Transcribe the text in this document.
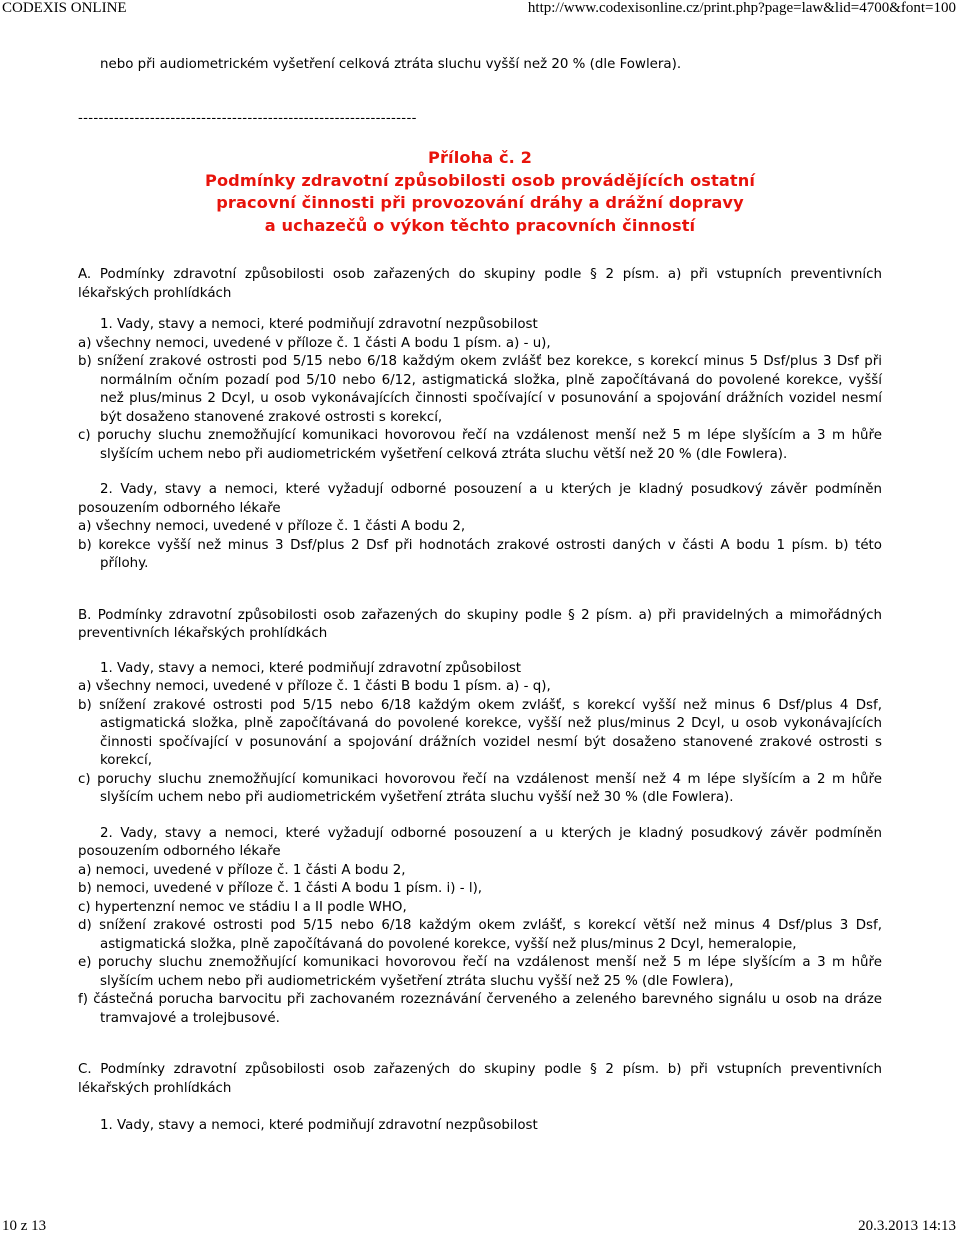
CODEXIS ONLINE	http://www.codexisonline.cz/print.php?page=law&lid=4700&font=100
nebo při audiometrickém vyšetření celková ztráta sluchu vyšší než 20 % (dle Fowlera).
------------------------------------------------------------------
Příloha č. 2
Podmínky zdravotní způsobilosti osob provádějících ostatní
pracovní činnosti při provozování dráhy a drážní dopravy
a uchazečů o výkon těchto pracovních činností
A. Podmínky zdravotní způsobilosti osob zařazených do skupiny podle § 2 písm. a) při vstupních preventivních lékařských prohlídkách
1. Vady, stavy a nemoci, které podmiňují zdravotní nezpůsobilost
a) všechny nemoci, uvedené v příloze č. 1 části A bodu 1 písm. a) - u),
b) snížení zrakové ostrosti pod 5/15 nebo 6/18 každým okem zvlášť bez korekce, s korekcí minus 5 Dsf/plus 3 Dsf při normálním očním pozadí pod 5/10 nebo 6/12, astigmatická složka, plně započítávaná do povolené korekce, vyšší než plus/minus 2 Dcyl, u osob vykonávajících činnosti spočívající v posunování a spojování drážních vozidel nesmí být dosaženo stanovené zrakové ostrosti s korekcí,
c) poruchy sluchu znemožňující komunikaci hovorovou řečí na vzdálenost menší než 5 m lépe slyšícím a 3 m hůře slyšícím uchem nebo při audiometrickém vyšetření celková ztráta sluchu větší než 20 % (dle Fowlera).
2. Vady, stavy a nemoci, které vyžadují odborné posouzení a u kterých je kladný posudkový závěr podmíněn posouzením odborného lékaře
a) všechny nemoci, uvedené v příloze č. 1 části A bodu 2,
b) korekce vyšší než minus 3 Dsf/plus 2 Dsf při hodnotách zrakové ostrosti daných v části A bodu 1 písm. b) této přílohy.
B. Podmínky zdravotní způsobilosti osob zařazených do skupiny podle § 2 písm. a) při pravidelných a mimořádných preventivních lékařských prohlídkách
1. Vady, stavy a nemoci, které podmiňují zdravotní způsobilost
a) všechny nemoci, uvedené v příloze č. 1 části B bodu 1 písm. a) - q),
b) snížení zrakové ostrosti pod 5/15 nebo 6/18 každým okem zvlášť, s korekcí vyšší než minus 6 Dsf/plus 4 Dsf, astigmatická složka, plně započítávaná do povolené korekce, vyšší než plus/minus 2 Dcyl, u osob vykonávajících činnosti spočívající v posunování a spojování drážních vozidel nesmí být dosaženo stanovené zrakové ostrosti s korekcí,
c) poruchy sluchu znemožňující komunikaci hovorovou řečí na vzdálenost menší než 4 m lépe slyšícím a 2 m hůře slyšícím uchem nebo při audiometrickém vyšetření ztráta sluchu vyšší než 30 % (dle Fowlera).
2. Vady, stavy a nemoci, které vyžadují odborné posouzení a u kterých je kladný posudkový závěr podmíněn posouzením odborného lékaře
a) nemoci, uvedené v příloze č. 1 části A bodu 2,
b) nemoci, uvedené v příloze č. 1 části A bodu 1 písm. i) - l),
c) hypertenzní nemoc ve stádiu I a II podle WHO,
d) snížení zrakové ostrosti pod 5/15 nebo 6/18 každým okem zvlášť, s korekcí větší než minus 4 Dsf/plus 3 Dsf, astigmatická složka, plně započítávaná do povolené korekce, vyšší než plus/minus 2 Dcyl, hemeralopie,
e) poruchy sluchu znemožňující komunikaci hovorovou řečí na vzdálenost menší než 5 m lépe slyšícím a 3 m hůře slyšícím uchem nebo při audiometrickém vyšetření ztráta sluchu vyšší než 25 % (dle Fowlera),
f) částečná porucha barvocitu při zachovaném rozeznávání červeného a zeleného barevného signálu u osob na dráze tramvajové a trolejbusové.
C. Podmínky zdravotní způsobilosti osob zařazených do skupiny podle § 2 písm. b) při vstupních preventivních lékařských prohlídkách
1. Vady, stavy a nemoci, které podmiňují zdravotní nezpůsobilost
10 z 13	20.3.2013 14:13
